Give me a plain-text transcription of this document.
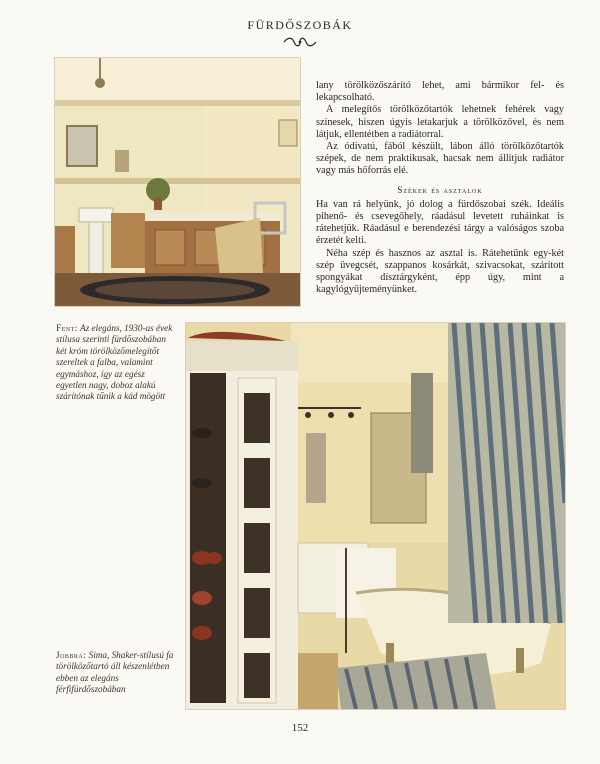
FÜRDŐSZOBÁK

lany törölközőszárító lehet, ami bármikor fel- és lekapcsolható.

A melegítős törölközőtartók lehetnek fehérek vagy színesek, hiszen úgyis letakarjuk a törölközővel, és nem látjuk, ellentétben a radiátorral.

Az ódivatú, fából készült, lábon álló törölközőtartók szépek, de nem praktikusak, hacsak nem állítjuk radiátor vagy más hőforrás elé.

Székek és asztalok

Ha van rá helyünk, jó dolog a fürdőszobai szék. Ideális pihenő- és csevegőhely, ráadásul levetett ruháinkat is rátehetjük. Ráadásul e berendezési tárgy a valóságos szoba érzetét kelti.

Néha szép és hasznos az asztal is. Rátehetünk egy-két szép üvegcsét, szappanos kosárkát, szivacsokat, szárított spongyákat dísztárgyként, épp úgy, mint a kagylógyűjteményünket.

Fent: Az elegáns, 1930-as évek stílusa szerinti fürdőszobában két króm törölközőmelegítőt szereltek a falba, valamint egymáshoz, így az egész egyetlen nagy, doboz alakú szárítónak tűnik a kád mögött
Jobbra: Sima, Shaker-stílusú fa törölközőtartó áll készenlétben ebben az elegáns férfifürdőszobában
152
